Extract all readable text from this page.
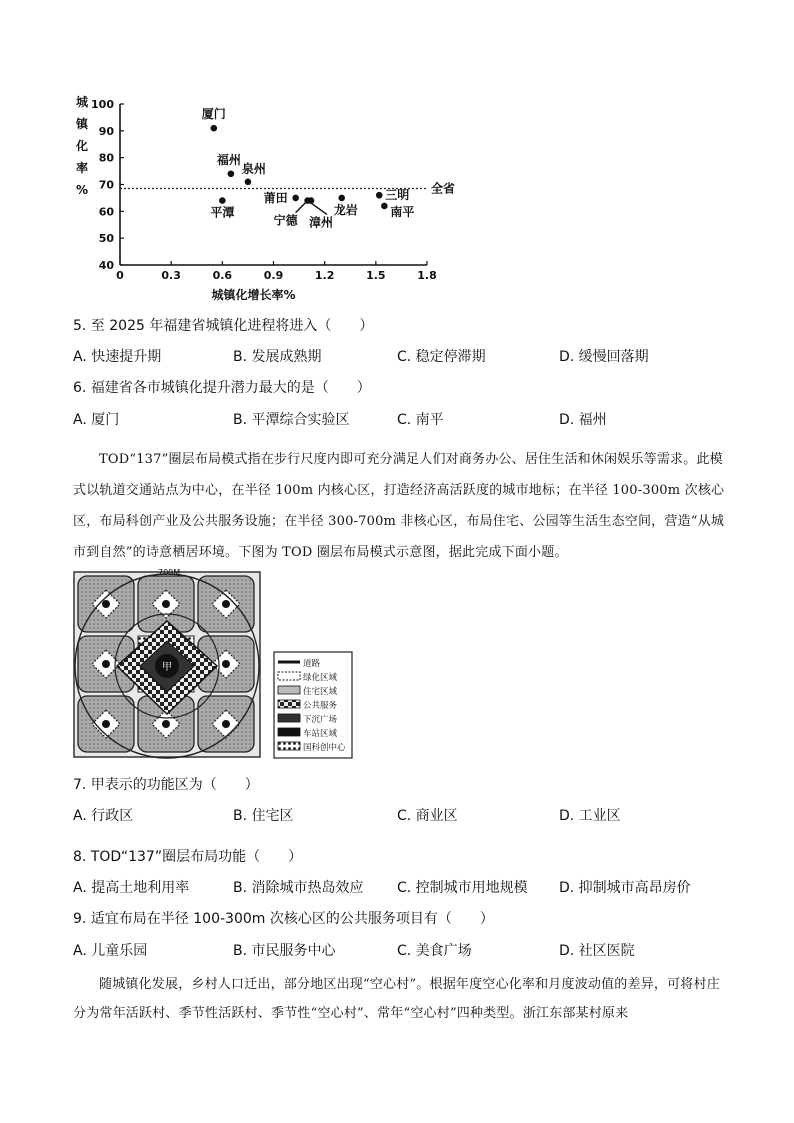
40
50
60
70
80
90
100
0	0.3	0.6	0.9	1.2	1.5	1.8
城
镇
化
率
%
城镇化增长率%
全省
厦门
福州
泉州
平潭
莆田
宁德 漳州
龙岩
三明
南平
5. 至 2025 年福建省城镇化进程将进入（　　）
A. 快速提升期	B. 发展成熟期	C. 稳定停滞期	D. 缓慢回落期
6. 福建省各市城镇化提升潜力最大的是（　　）
A. 厦门	B. 平潭综合实验区	C. 南平	D. 福州

TOD“137”圈层布局模式指在步行尺度内即可充分满足人们对商务办公、居住生活和休闲娱乐等需求。此模式以轨道交通站点为中心，在半径 100m 内核心区，打造经济高活跃度的城市地标；在半径 100-300m 次核心区，布局科创产业及公共服务设施；在半径 300-700m 非核心区，布局住宅、公园等生活生态空间，营造“从城市到自然”的诗意栖居环境。下图为 TOD 圈层布局模式示意图，据此完成下面小题。

甲
700M
道路
绿化区域
住宅区域
公共服务
下沉广场
车站区域
国科创中心
7. 甲表示的功能区为（　　）
A. 行政区	B. 住宅区	C. 商业区	D. 工业区
8. TOD“137”圈层布局功能（　　）
A. 提高土地利用率	B. 消除城市热岛效应 C. 控制城市用地规模 D. 抑制城市高昂房价
9. 适宜布局在半径 100-300m 次核心区的公共服务项目有（　　）
A. 儿童乐园	B. 市民服务中心	C. 美食广场	D. 社区医院

随城镇化发展，乡村人口迁出，部分地区出现“空心村”。根据年度空心化率和月度波动值的差异，可将村庄分为常年活跃村、季节性活跃村、季节性“空心村”、常年“空心村”四种类型。浙江东部某村原来
